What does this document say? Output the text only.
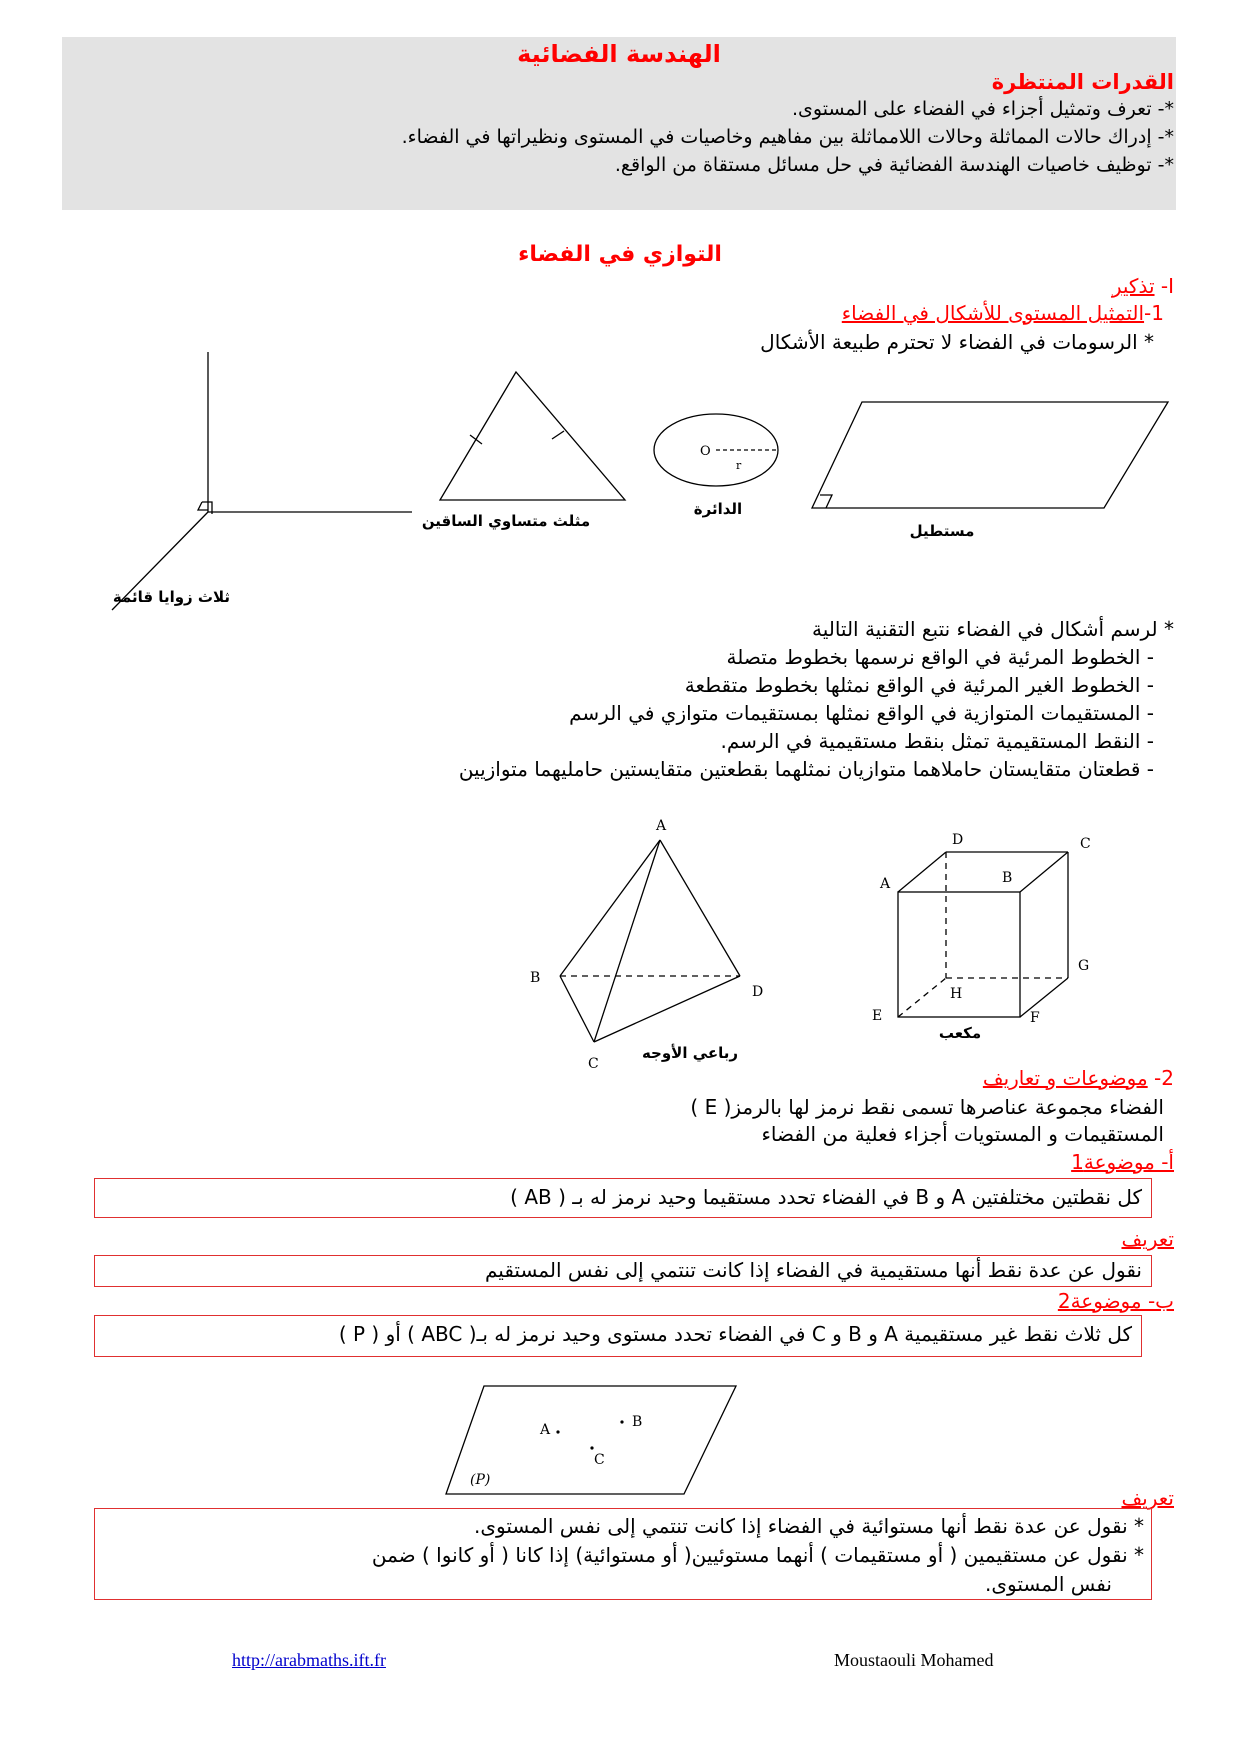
الهندسة الفضائية
القدرات المنتظرة
*- تعرف وتمثيل أجزاء في الفضاء على المستوى.
*- إدراك حالات المماثلة وحالات اللامماثلة بين مفاهيم وخاصيات في المستوى ونظيراتها في الفضاء.
*- توظيف خاصيات الهندسة الفضائية في حل مسائل مستقاة من الواقع.
التوازي في الفضاء
I- تذكير
1-التمثيل المستوى للأشكال في الفضاء
* الرسومات في الفضاء لا تحترم طبيعة الأشكال
ثلاث زوايا قائمة
مثلث متساوي الساقين
O
r
الدائرة
مستطيل
* لرسم أشكال في الفضاء نتبع التقنية التالية
- الخطوط المرئية في الواقع نرسمها بخطوط متصلة
- الخطوط الغير المرئية في الواقع نمثلها بخطوط متقطعة
- المستقيمات المتوازية في الواقع نمثلها بمستقيمات متوازي في الرسم
- النقط المستقيمية تمثل بنقط مستقيمية في الرسم.
- قطعتان متقايستان حاملاهما متوازيان نمثلهما بقطعتين متقايستين حامليهما متوازيين
A
B
C
D
رباعي الأوجه
A	B
C
D
E	F
G
H
مكعب
2- موضوعات و تعاريف
الفضاء مجموعة عناصرها تسمى نقط نرمز لها بالرمز( E )
المستقيمات و المستويات أجزاء فعلية من الفضاء
أ- موضوعة1
كل نقطتين مختلفتين A و B في الفضاء تحدد مستقيما وحيد نرمز له بـ ( AB )
تعريف
نقول عن عدة نقط أنها مستقيمية في الفضاء إذا كانت تنتمي إلى نفس المستقيم
ب- موضوعة2
كل ثلاث نقط غير مستقيمية A و B و C في الفضاء تحدد مستوى وحيد نرمز له بـ( ABC ) أو ( P )
A	B
C
(P)
تعريف
* نقول عن عدة نقط أنها مستوائية في الفضاء إذا كانت تنتمي إلى نفس المستوى.
* نقول عن مستقيمين ( أو مستقيمات ) أنهما مستوئيين( أو مستوائية) إذا كانا ( أو كانوا ) ضمن
نفس المستوى.
http://arabmaths.ift.fr	Moustaouli Mohamed
